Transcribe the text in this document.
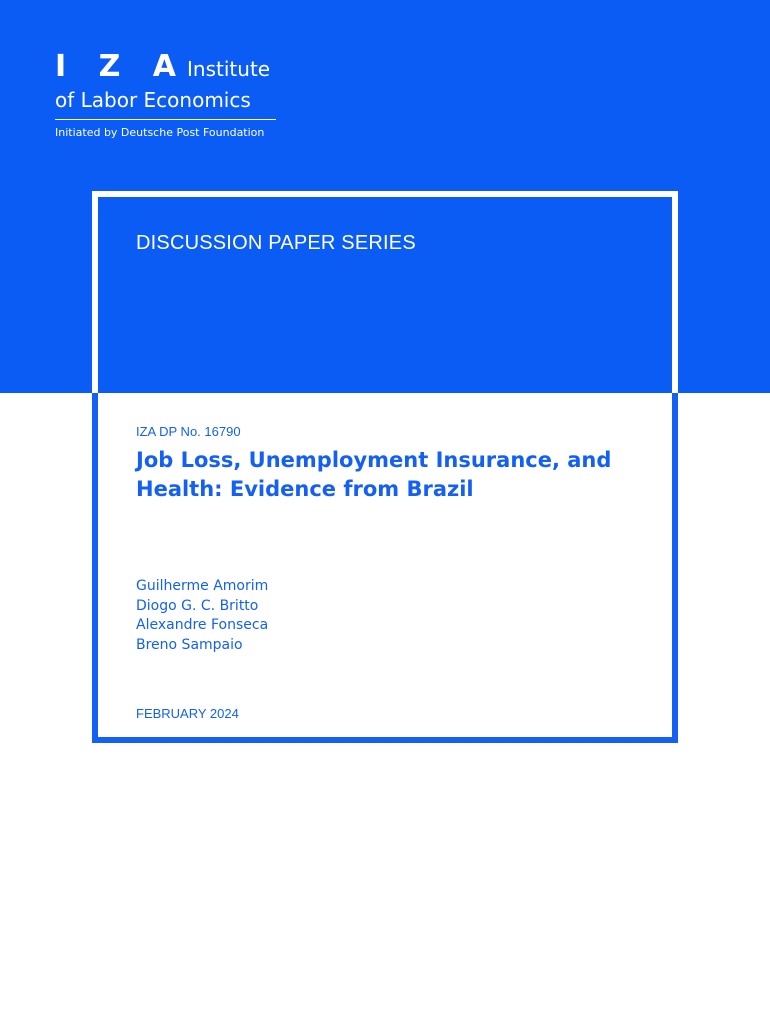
I Z A Institute
of Labor Economics
Initiated by Deutsche Post Foundation
DISCUSSION PAPER SERIES
IZA DP No. 16790
Job Loss, Unemployment Insurance, and
Health: Evidence from Brazil
Guilherme Amorim
Diogo G. C. Britto
Alexandre Fonseca
Breno Sampaio
FEBRUARY 2024
